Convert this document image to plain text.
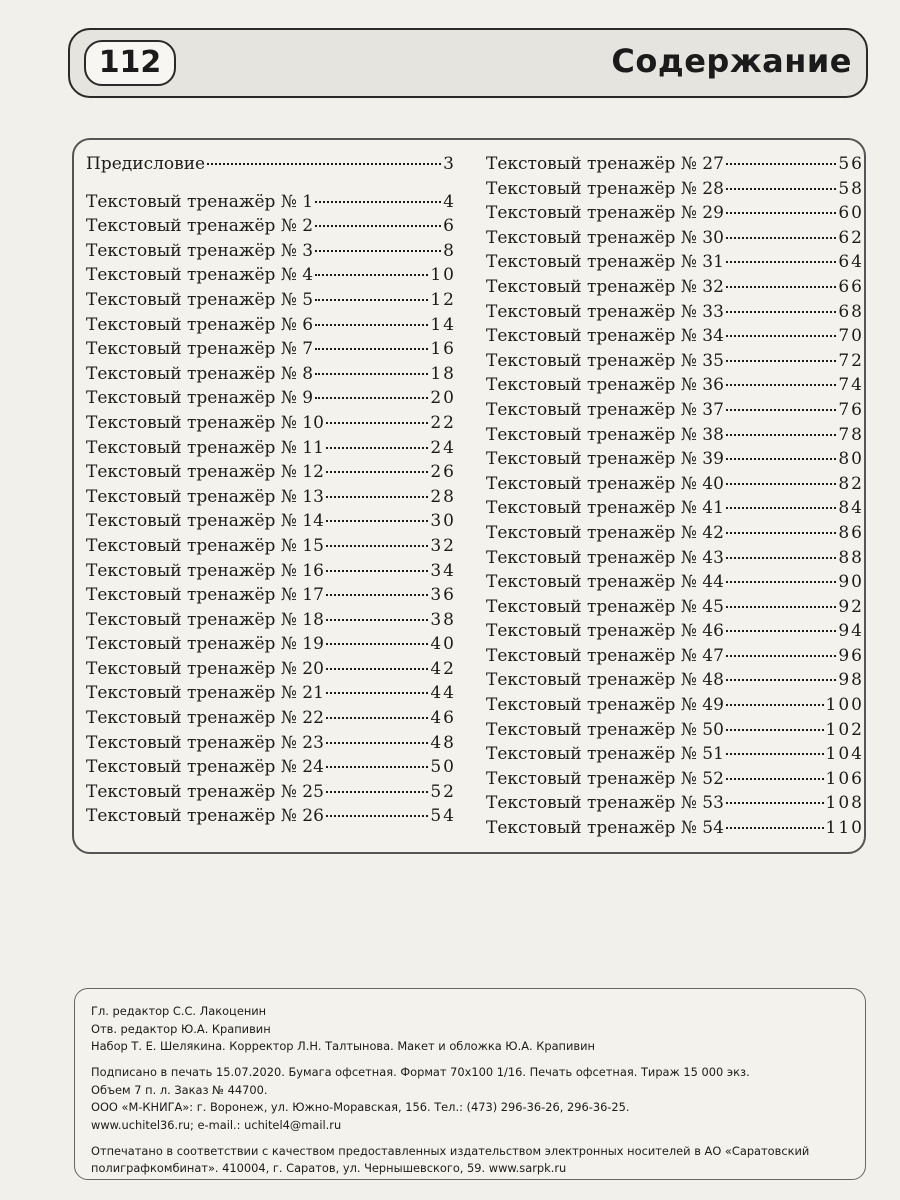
112	Содержание
Предисловие	3
Текстовый тренажёр № 1	4
Текстовый тренажёр № 2	6
Текстовый тренажёр № 3	8
Текстовый тренажёр № 4	10
Текстовый тренажёр № 5	12
Текстовый тренажёр № 6	14
Текстовый тренажёр № 7	16
Текстовый тренажёр № 8	18
Текстовый тренажёр № 9	20
Текстовый тренажёр № 10	22
Текстовый тренажёр № 11	24
Текстовый тренажёр № 12	26
Текстовый тренажёр № 13	28
Текстовый тренажёр № 14	30
Текстовый тренажёр № 15	32
Текстовый тренажёр № 16	34
Текстовый тренажёр № 17	36
Текстовый тренажёр № 18	38
Текстовый тренажёр № 19	40
Текстовый тренажёр № 20	42
Текстовый тренажёр № 21	44
Текстовый тренажёр № 22	46
Текстовый тренажёр № 23	48
Текстовый тренажёр № 24	50
Текстовый тренажёр № 25	52
Текстовый тренажёр № 26	54
Текстовый тренажёр № 27	56
Текстовый тренажёр № 28	58
Текстовый тренажёр № 29	60
Текстовый тренажёр № 30	62
Текстовый тренажёр № 31	64
Текстовый тренажёр № 32	66
Текстовый тренажёр № 33	68
Текстовый тренажёр № 34	70
Текстовый тренажёр № 35	72
Текстовый тренажёр № 36	74
Текстовый тренажёр № 37	76
Текстовый тренажёр № 38	78
Текстовый тренажёр № 39	80
Текстовый тренажёр № 40	82
Текстовый тренажёр № 41	84
Текстовый тренажёр № 42	86
Текстовый тренажёр № 43	88
Текстовый тренажёр № 44	90
Текстовый тренажёр № 45	92
Текстовый тренажёр № 46	94
Текстовый тренажёр № 47	96
Текстовый тренажёр № 48	98
Текстовый тренажёр № 49	100
Текстовый тренажёр № 50	102
Текстовый тренажёр № 51	104
Текстовый тренажёр № 52	106
Текстовый тренажёр № 53	108
Текстовый тренажёр № 54	110

Гл. редактор С.С. Лакоценин

Отв. редактор Ю.А. Крапивин

Набор Т. Е. Шелякина. Корректор Л.Н. Талтынова. Макет и обложка Ю.А. Крапивин

Подписано в печать 15.07.2020. Бумага офсетная. Формат 70х100 1/16. Печать офсетная. Тираж 15 000 экз.

Объем 7 п. л. Заказ № 44700.

ООО «М-КНИГА»: г. Воронеж, ул. Южно-Моравская, 156. Тел.: (473) 296-36-26, 296-36-25.

www.uchitel36.ru; e-mail.: uchitel4@mail.ru

Отпечатано в соответствии с качеством предоставленных издательством электронных носителей в АО «Саратовский

полиграфкомбинат». 410004, г. Саратов, ул. Чернышевского, 59. www.sarpk.ru
